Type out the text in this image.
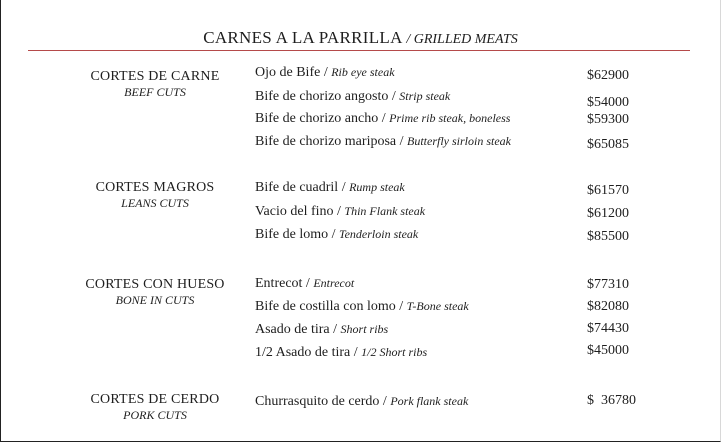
CARNES A LA PARRILLA / GRILLED MEATS
CORTES DE CARNE
BEEF CUTS
Ojo de Bife / Rib eye steak	$62900
Bife de chorizo angosto / Strip steak	$54000
Bife de chorizo ancho / Prime rib steak, boneless	$59300
Bife de chorizo mariposa / Butterfly sirloin steak	$65085
CORTES MAGROS
LEANS CUTS
Bife de cuadril / Rump steak	$61570
Vacio del fino / Thin Flank steak	$61200
Bife de lomo / Tenderloin steak	$85500
CORTES CON HUESO
BONE IN CUTS
Entrecot / Entrecot	$77310
Bife de costilla con lomo / T-Bone steak	$82080
Asado de tira / Short ribs	$74430
1/2 Asado de tira / 1/2 Short ribs	$45000
CORTES DE CERDO
PORK CUTS
Churrasquito de cerdo / Pork flank steak	$  36780
